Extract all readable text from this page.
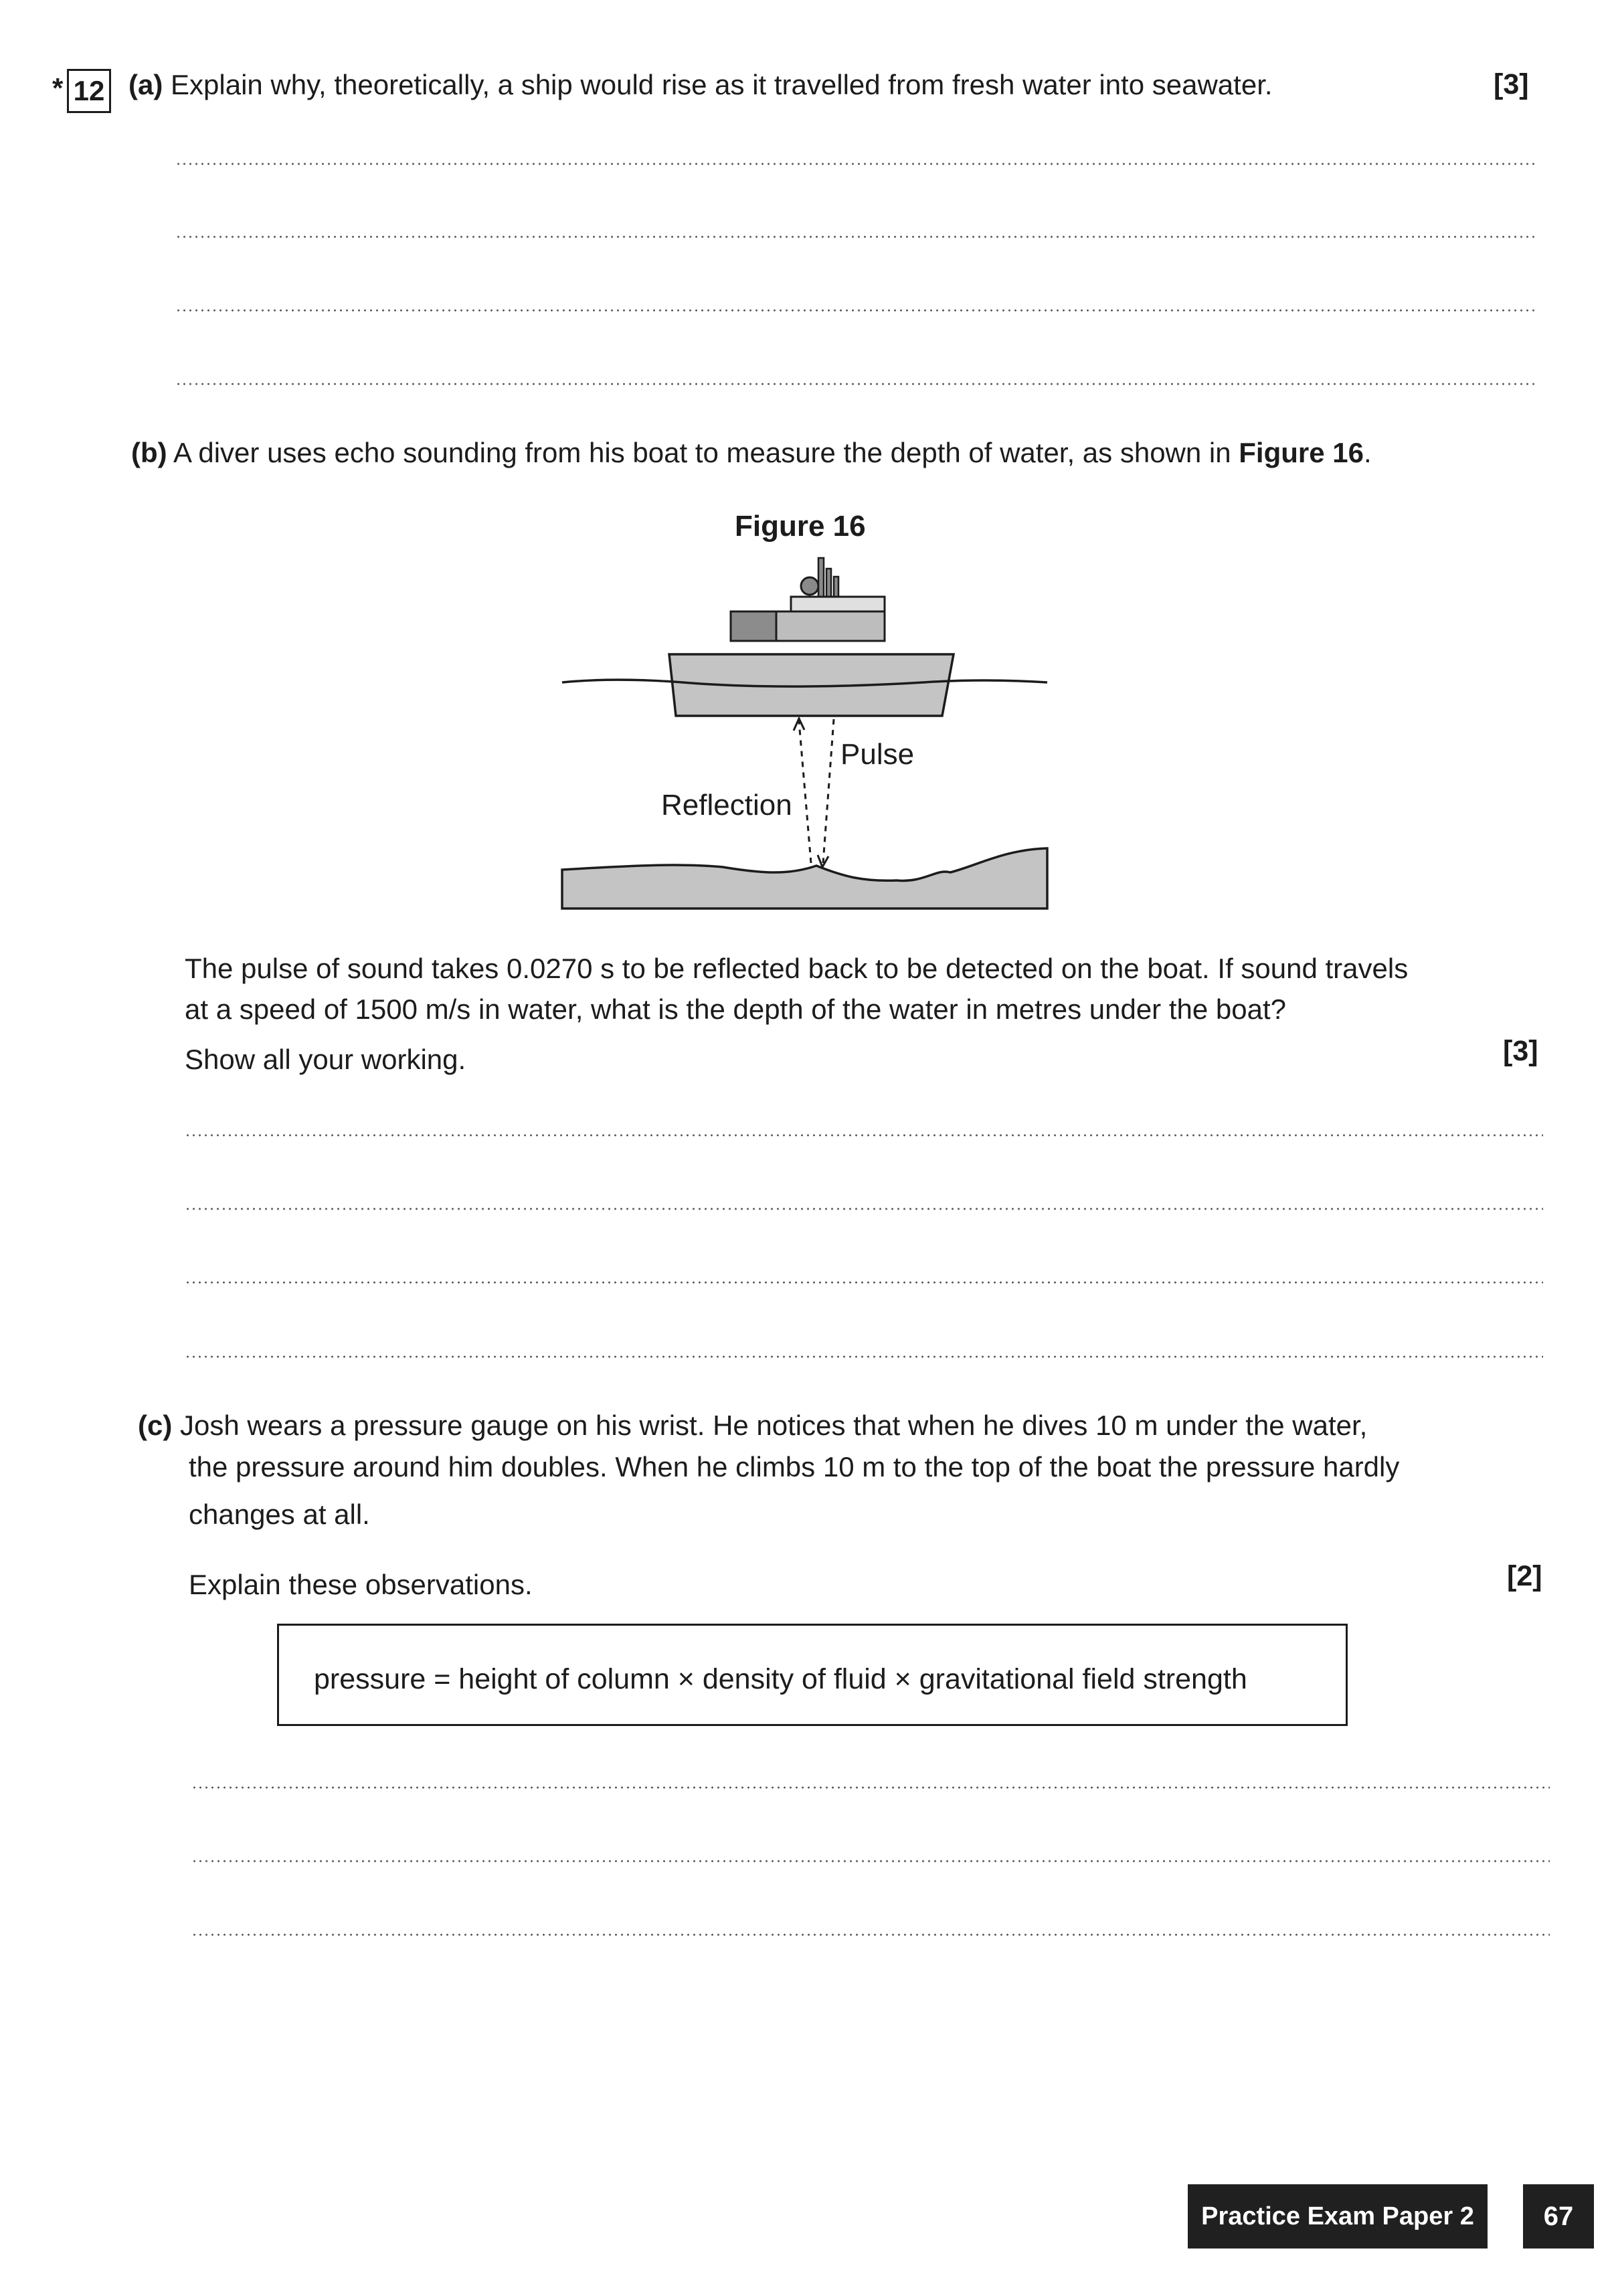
* 12 (a) Explain why, theoretically, a ship would rise as it travelled from fresh water into seawater.	[3]
(b) A diver uses echo sounding from his boat to measure the depth of water, as shown in Figure 16.
Figure 16
Pulse
Reflection
The pulse of sound takes 0.0270 s to be reflected back to be detected on the boat. If sound travels
at a speed of 1500 m/s in water, what is the depth of the water in metres under the boat?
Show all your working.	[3]
(c) Josh wears a pressure gauge on his wrist. He notices that when he dives 10 m under the water,
the pressure around him doubles. When he climbs 10 m to the top of the boat the pressure hardly
changes at all.
Explain these observations.	[2]
pressure = height of column × density of fluid × gravitational field strength
Practice Exam Paper 2	67
